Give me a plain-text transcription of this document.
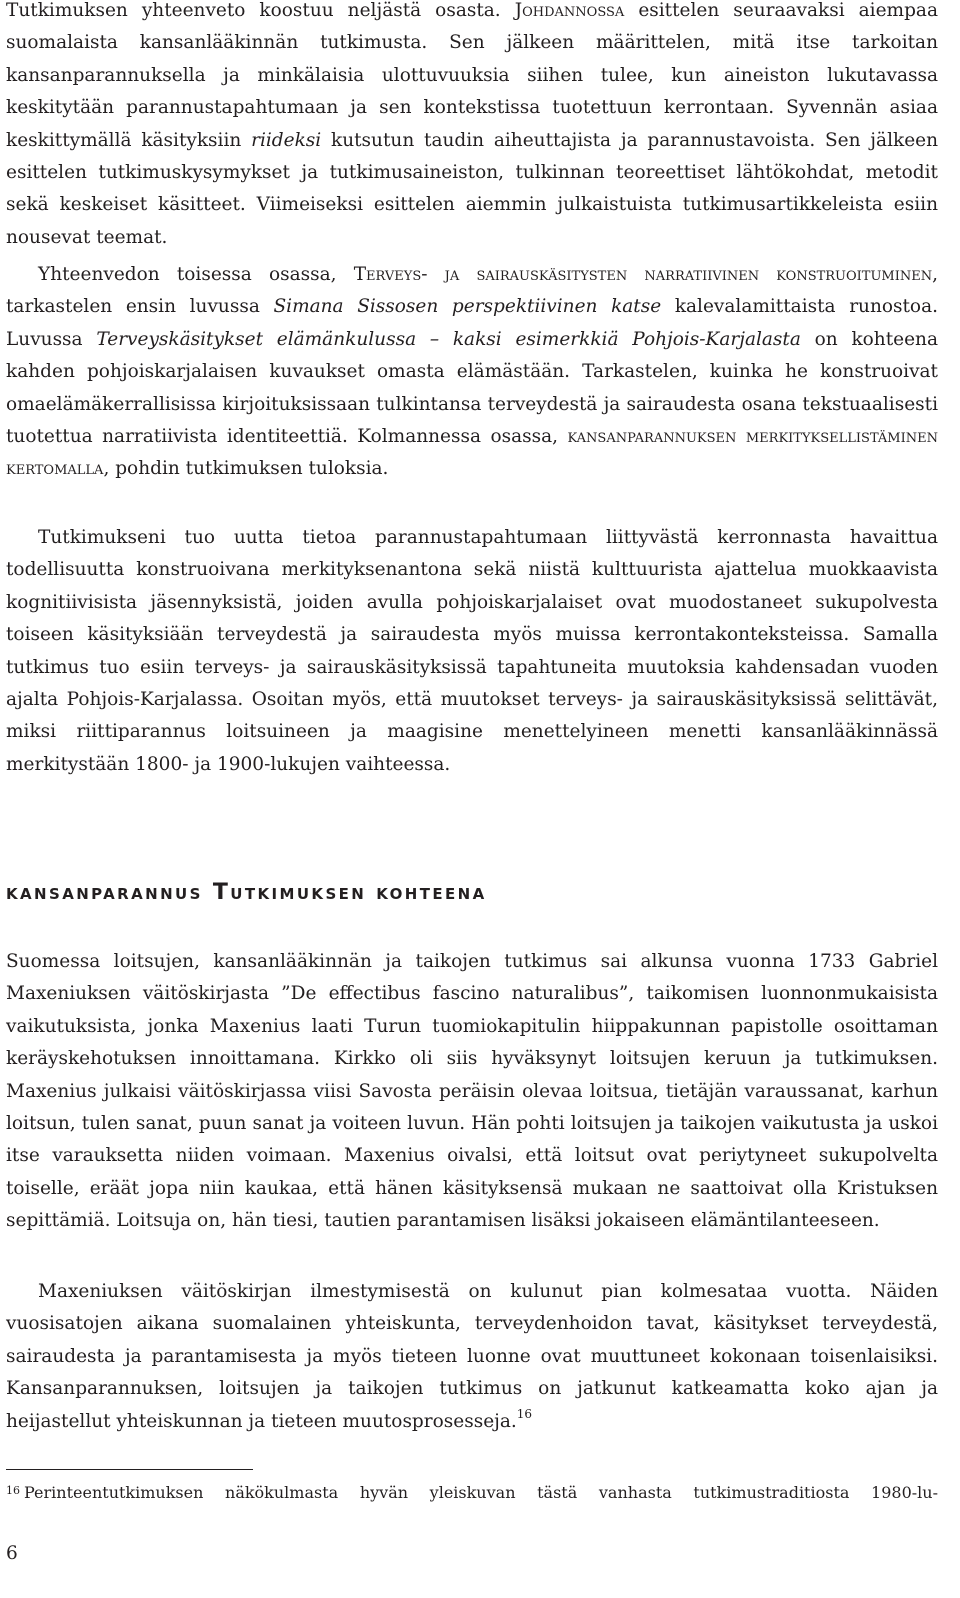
Tutkimuksen yhteenveto koostuu neljästä osasta. Johdannossa esittelen seuraavaksi aiempaa suomalaista kansanlääkinnän tutkimusta. Sen jälkeen määrittelen, mitä itse tarkoitan kansanparannuksella ja minkälaisia ulottuvuuksia siihen tulee, kun aineiston lukutavassa keskitytään parannustapahtumaan ja sen kontekstissa tuotettuun kerrontaan. Syvennän asiaa keskittymällä käsityksiin riideksi kutsutun taudin aiheuttajista ja parannustavoista. Sen jälkeen esittelen tutkimuskysymykset ja tutkimusaineiston, tulkinnan teoreettiset lähtökohdat, metodit sekä keskeiset käsitteet. Viimeiseksi esittelen aiemmin julkaistuista tutkimusartikkeleista esiin nousevat teemat.

Yhteenvedon toisessa osassa, Terveys- ja sairauskäsitysten narratiivinen konstruoituminen, tarkastelen ensin luvussa Simana Sissosen perspektiivinen katse kalevalamittaista runostoa. Luvussa Terveyskäsitykset elämänkulussa – kaksi esimerkkiä Pohjois-Karjalasta on kohteena kahden pohjoiskarjalaisen kuvaukset omasta elämästään. Tarkastelen, kuinka he konstruoivat omaelämäkerrallisissa kirjoituksissaan tulkintansa terveydestä ja sairaudesta osana tekstuaalisesti tuotettua narratiivista identiteettiä. Kolmannessa osassa, kansanparannuksen merkityksellistäminen kertomalla, pohdin tutkimuksen tuloksia.

Tutkimukseni tuo uutta tietoa parannustapahtumaan liittyvästä kerronnasta havaittua todellisuutta konstruoivana merkityksenantona sekä niistä kulttuurista ajattelua muokkaavista kognitiivisista jäsennyksistä, joiden avulla pohjoiskarjalaiset ovat muodostaneet sukupolvesta toiseen käsityksiään terveydestä ja sairaudesta myös muissa kerrontakonteksteissa. Samalla tutkimus tuo esiin terveys- ja sairauskäsityksissä tapahtuneita muutoksia kahdensadan vuoden ajalta Pohjois-Karjalassa. Osoitan myös, että muutokset terveys- ja sairauskäsityksissä selittävät, miksi riittiparannus loitsuineen ja maagisine menettelyineen menetti kansanlääkinnässä merkitystään 1800- ja 1900-lukujen vaihteessa.

kansanparannus Tutkimuksen kohteena

Suomessa loitsujen, kansanlääkinnän ja taikojen tutkimus sai alkunsa vuonna 1733 Gabriel Maxeniuksen väitöskirjasta ”De effectibus fascino naturalibus”, taikomisen luonnonmukaisista vaikutuksista, jonka Maxenius laati Turun tuomiokapitulin hiippakunnan papistolle osoittaman keräyskehotuksen innoittamana. Kirkko oli siis hyväksynyt loitsujen keruun ja tutkimuksen. Maxenius julkaisi väitöskirjassa viisi Savosta peräisin olevaa loitsua, tietäjän varaussanat, karhun loitsun, tulen sanat, puun sanat ja voiteen luvun. Hän pohti loitsujen ja taikojen vaikutusta ja uskoi itse varauksetta niiden voimaan. Maxenius oivalsi, että loitsut ovat periytyneet sukupolvelta toiselle, eräät jopa niin kaukaa, että hänen käsityksensä mukaan ne saattoivat olla Kristuksen sepittämiä. Loitsuja on, hän tiesi, tautien parantamisen lisäksi jokaiseen elämäntilanteeseen.

Maxeniuksen väitöskirjan ilmestymisestä on kulunut pian kolmesataa vuotta. Näiden vuosisatojen aikana suomalainen yhteiskunta, terveydenhoidon tavat, käsitykset terveydestä, sairaudesta ja parantamisesta ja myös tieteen luonne ovat muuttuneet kokonaan toisenlaisiksi. Kansanparannuksen, loitsujen ja taikojen tutkimus on jatkunut katkeamatta koko ajan ja heijastellut yhteiskunnan ja tieteen muutosprosesseja.$^{16}$

$^{16}$ Perinteentutkimuksen näkökulmasta hyvän yleiskuvan tästä vanhasta tutkimustraditiosta 1980-lu-

6
